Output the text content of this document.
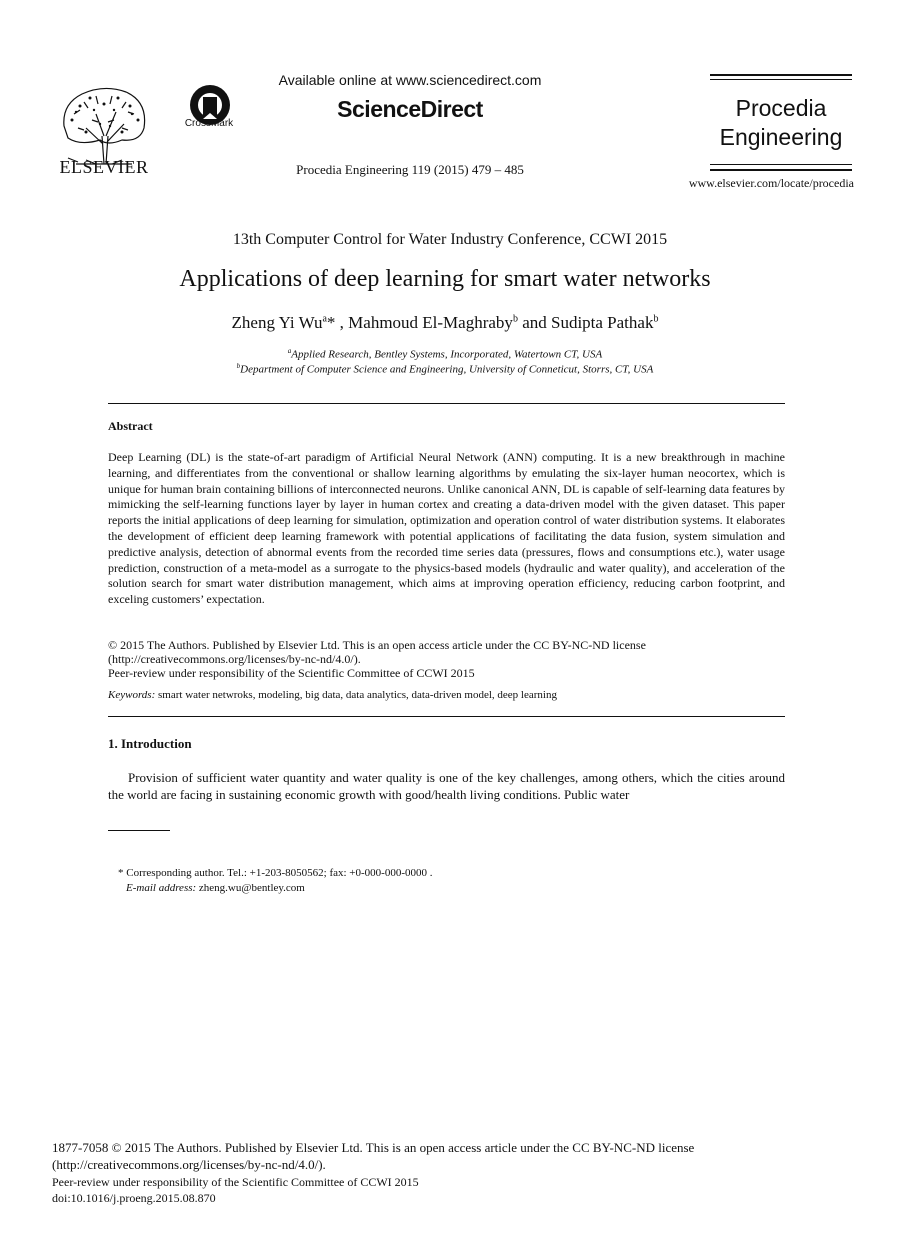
ELSEVIER
CrossMark
Available online at www.sciencedirect.com
ScienceDirect
Procedia Engineering 119 (2015) 479 – 485
Procedia
Engineering
www.elsevier.com/locate/procedia
13th Computer Control for Water Industry Conference, CCWI 2015
Applications of deep learning for smart water networks
Zheng Yi Wu$^a$* , Mahmoud El-Maghraby$^b$ and Sudipta Pathak$^b$
$^a$Applied Research, Bentley Systems, Incorporated, Watertown CT, USA
$^b$Department of Computer Science and Engineering, University of Conneticut, Storrs, CT, USA
Abstract
Deep Learning (DL) is the state-of-art paradigm of Artificial Neural Network (ANN) computing. It is a new breakthrough in machine learning, and differentiates from the conventional or shallow learning algorithms by emulating the six-layer human neocortex, which is unique for human brain containing billions of interconnected neurons. Unlike canonical ANN, DL is capable of self-learning data features by mimicking the self-learning functions layer by layer in human cortex and creating a data-driven model with the given dataset. This paper reports the initial applications of deep learning for simulation, optimization and operation control of water distribution systems. It elaborates the development of efficient deep learning framework with potential applications of facilitating the data fusion, system simulation and predictive analysis, detection of abnormal events from the recorded time series data (pressures, flows and consumptions etc.), water usage prediction, construction of a meta-model as a surrogate to the physics-based models (hydraulic and water quality), and acceleration of the solution search for smart water distribution management, which aims at improving operation efficiency, reducing carbon footprint, and exceling customers’ expectation.
© 2015 The Authors. Published by Elsevier Ltd. This is an open access article under the CC BY-NC-ND license
(http://creativecommons.org/licenses/by-nc-nd/4.0/).
Peer-review under responsibility of the Scientific Committee of CCWI 2015
Keywords: smart water netwroks, modeling, big data, data analytics, data-driven model, deep learning
1. Introduction
Provision of sufficient water quantity and water quality is one of the key challenges, among others, which the cities around the world are facing in sustaining economic growth with good/health living conditions. Public water
* Corresponding author. Tel.: +1-203-8050562; fax: +0-000-000-0000 .
E-mail address: zheng.wu@bentley.com
1877-7058 © 2015 The Authors. Published by Elsevier Ltd. This is an open access article under the CC BY-NC-ND license
(http://creativecommons.org/licenses/by-nc-nd/4.0/).
Peer-review under responsibility of the Scientific Committee of CCWI 2015
doi:10.1016/j.proeng.2015.08.870
